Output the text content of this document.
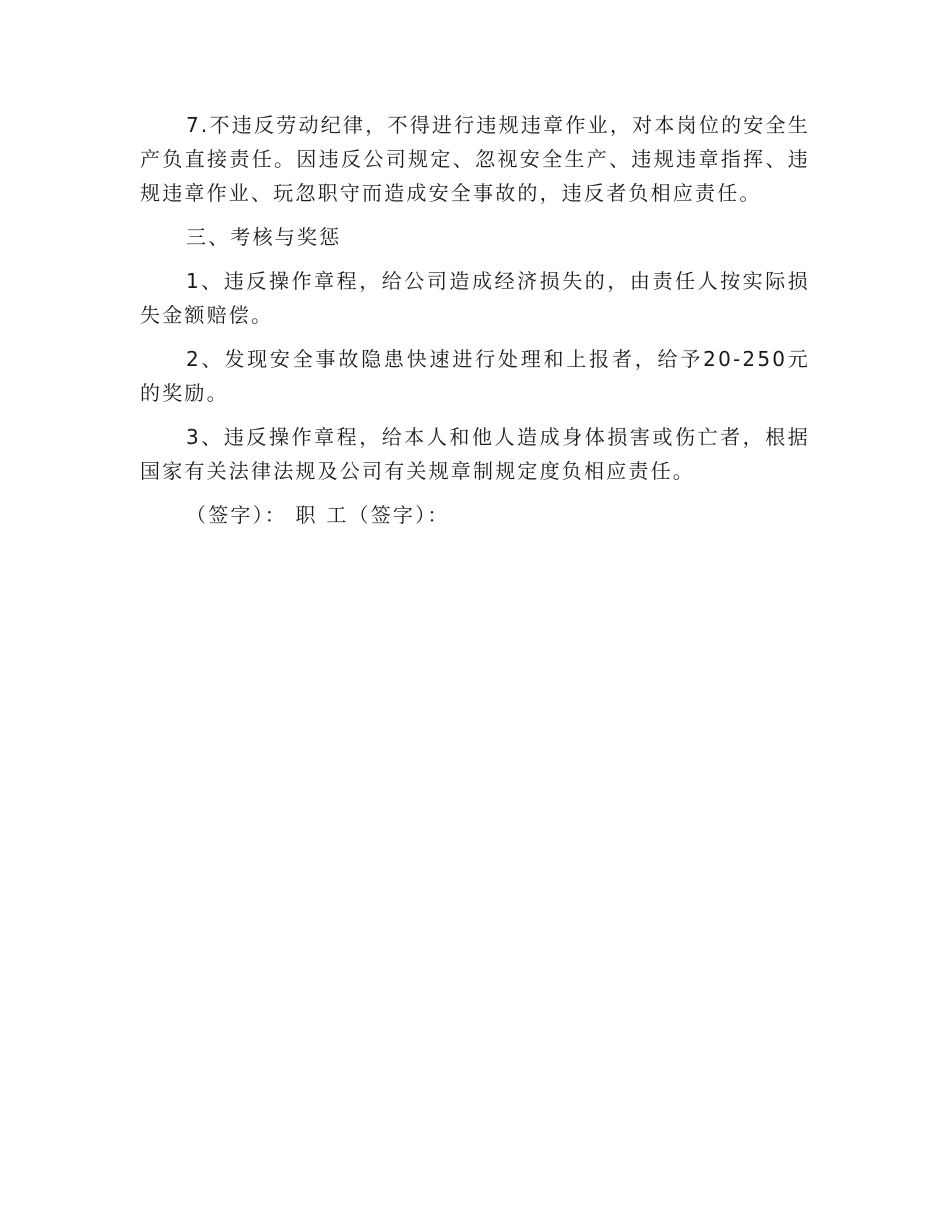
7.不违反劳动纪律，不得进行违规违章作业，对本岗位的安全生产负直接责任。因违反公司规定、忽视安全生产、违规违章指挥、违规违章作业、玩忽职守而造成安全事故的，违反者负相应责任。

三、考核与奖惩

1、违反操作章程，给公司造成经济损失的，由责任人按实际损失金额赔偿。

2、发现安全事故隐患快速进行处理和上报者，给予20-250元的奖励。

3、违反操作章程，给本人和他人造成身体损害或伤亡者，根据国家有关法律法规及公司有关规章制规定度负相应责任。

（签字）： 职 工（签字）：
